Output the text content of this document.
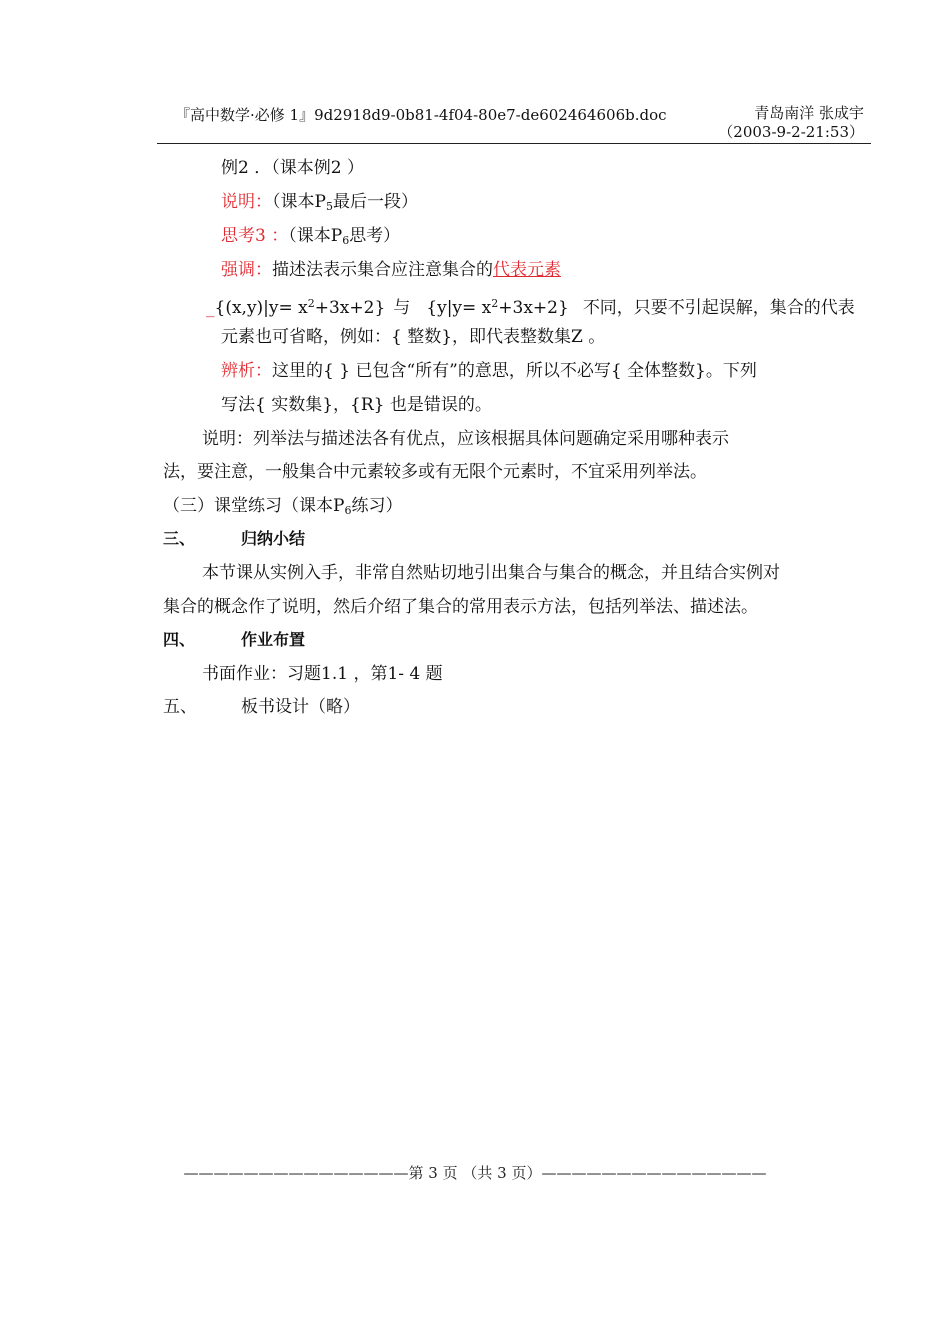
『高中数学·必修 1』9d2918d9-0b81-4f04-80e7-de602464606b.doc	青岛南洋 张成宇
（2003-9-2-21:53）
例2 ．（课本例2 ）
说明：（课本$P_5$最后一段）
思考3 ：（课本$P_6$思考）
强调：描述法表示集合应注意集合的代表元素
_{(x,y)|y= $x^2+3x+2$} 与 $\{y|y= x^2+3x+2\}$ 不同，只要不引起误解，集合的代表
元素也可省略，例如：{ 整数}，即代表整数集Z 。
辨析：这里的{ } 已包含“所有”的意思，所以不必写{ 全体整数}。下列
写法{ 实数集}，{R} 也是错误的。
说明：列举法与描述法各有优点，应该根据具体问题确定采用哪种表示
法，要注意，一般集合中元素较多或有无限个元素时，不宜采用列举法。
（三）课堂练习（课本$P_6$练习）
三、	归纳小结
本节课从实例入手，非常自然贴切地引出集合与集合的概念，并且结合实例对
集合的概念作了说明，然后介绍了集合的常用表示方法，包括列举法、描述法。
四、	作业布置
书面作业：习题1.1 ，第1- 4 题
五、	板书设计（略）
———————————————第 3 页 （共 3 页）———————————————
